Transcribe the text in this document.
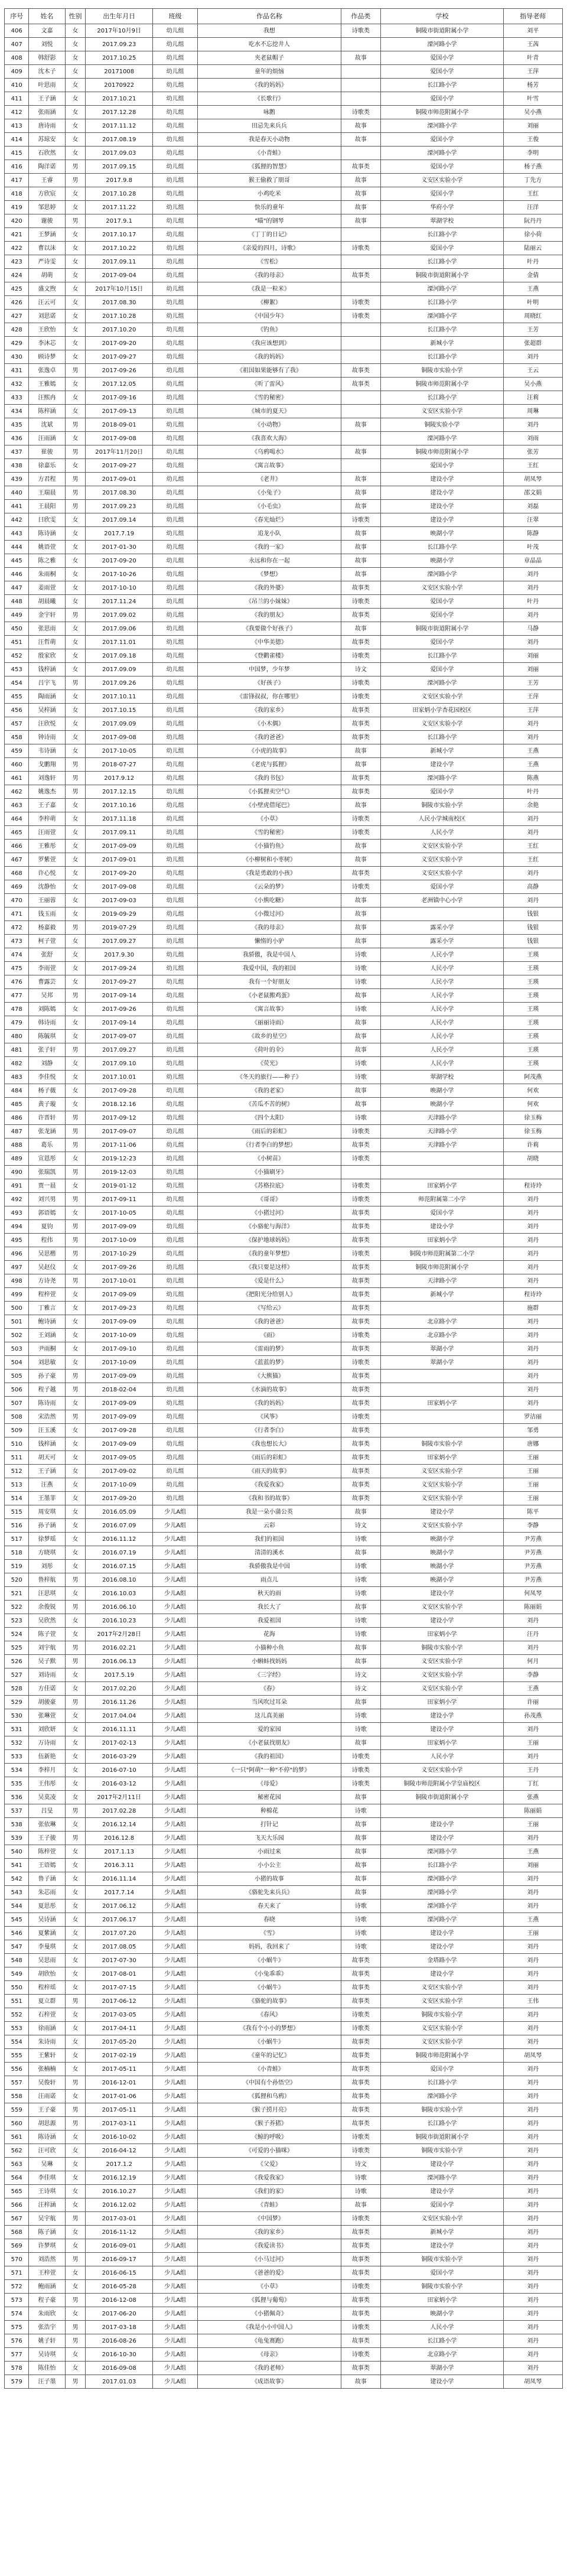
序号	姓名	性别	出生年月日	班级	作品名称	作品类	学校	指导老师
406	文嘉	女	2017年10月9日	幼儿组	我想	诗歌类	铜陵市街道附属小学	刘平
407	刘悦	女	2017.09.23	幼儿组	吃水不忘挖井人		溧河路小学	王茜
408	韩舒影	女	2017.10.25	幼儿组	夹老鼠帽子	故事	爱国小学	叶青
409	沈木子	女	20171008	幼儿组	童年的烦恼		爱国小学	王萍
410	叶思雨	女	20170922	幼儿组	《我的妈妈》		长江路小学	杨芳
411	王子涵	女	2017.10.21	幼儿组	《长歌行》		爱国小学	叶雪
412	张雨涵	女	2017.12.28	幼儿组	咏鹅	诗歌类	铜陵市师范附属小学	吴小燕
413	唐诗雨	女	2017.11.12	幼儿组	田忌先来兵兵	故事	溧河路小学	刘丽
414	苏琼安	女	2017.08.19	幼儿组	我是春天小动物	故事	爱国小学	王俊
415	石欣然	女	2017.09.03	幼儿组	《小青蛙》		溧河路小学	李明
416	陶洋诺	男	2017.09.15	幼儿组	《狐狸的智慧》	故事类	爱国小学	杨子燕
417	王睿	男	2017.9.8	幼儿组	猴王偷救了朋哥	故事	义安区实验小学	丁先方
418	方欣宸	女	2017.10.28	幼儿组	小鸡吃米	故事	爱国小学	王红
419	邹思婷	女	2017.11.22	幼儿组	快乐的童年	故事	华府小学	汪洋
420	谢骏	男	2017.9.1	幼儿组	"瞄"的钢琴	故事	翠湖学校	阮丹丹
421	王梦涵	女	2017.10.17	幼儿组	《丁丁的日记》		长江路小学	徐小荷
422	曹以沫	女	2017.10.22	幼儿组	《亲爱的四月，诗歌》	诗歌类	爱国小学	陆丽云
423	严诗雯	女	2017.09.11	幼儿组	《雪松》		长江路小学	叶丹
424	胡萌	女	2017-09-04	幼儿组	《我的母亲》	故事类	铜陵市街道附属小学	金倩
425	盛文煦	女	2017年10月15日	幼儿组	《我是一粒米》		溧河路小学	王燕
426	汪云可	女	2017.08.30	幼儿组	《柳絮》	诗歌类	长江路小学	叶明
427	刘思诺	女	2017.10.28	幼儿组	《中国少年》	诗歌类	溧河路小学	周晓红
428	王欣怡	女	2017.10.20	幼儿组	《钓鱼》		长江路小学	王芳
429	李沐芯	女	2017-09-20	幼儿组	《我应该想到》		新城小学	张超群
430	顾诗梦	女	2017-09-27	幼儿组	《我的妈妈》		长江路小学	刘丹
431	张逸卓	男	2017-09-26	幼儿组	《祖国如果能够有了我》	故事类	铜陵市实验小学	王云
432	王雅嫣	女	2017.12.05	幼儿组	《听了雷风》	故事类	铜陵市师范附属小学	吴小燕
433	汪熙冉	女	2017-09-16	幼儿组	《雪的秘密》		长江路小学	汪莉
434	陈梓涵	女	2017-09-13	幼儿组	《城市的夏天》		义安区实验小学	周琳
435	沈斌	男	2018-09-01	幼儿组	《小动物》	故事	铜陵实验小学	刘丹
436	汪雨涵	女	2017-09-08	幼儿组	《我喜欢大海》		溧河路小学	刘雨
437	崔骏	男	2017年11月20日	幼儿组	《乌鸦喝水》	故事	铜陵市师范附属小学	张芳
438	徐嘉乐	女	2017-09-27	幼儿组	《寓言故事》		爱国小学	王红
439	方君程	男	2017-09-01	幼儿组	《老井》	故事	建设小学	胡凤琴
440	王瑞晨	男	2017.08.30	幼儿组	《小兔子》	故事	建设小学	邵文娟
441	王晨阳	男	2017.09.23	幼儿组	《小毛虫》	故事	建设小学	刘磊
442	曰欣雯	女	2017.09.14	幼儿组	《春光灿烂》	诗歌类	建设小学	汪翠
443	陈诗涵	女	2017.7.19	幼儿组	追龙小队	故事	映湖小学	陈静
444	姚语萱	女	2017-01-30	幼儿组	《我的一家》	故事	长江路小学	叶茂
445	陈之雅	女	2017-09-20	幼儿组	永远和你在一起	故事	映湖小学	章晶晶
446	朱雨桐	女	2017-10-26	幼儿组	《梦想》	故事	溧河路小学	刘丹
447	姜雨萱	女	2017-10-10	幼儿组	《我的外婆》	故事类	义安区实验小学	刘丹
448	胡晨曦	女	2017.11.24	幼儿组	《吊兰的小妹妹》	诗歌类	爱国小学	叶丹
449	金宇轩	男	2017.09.02	幼儿组	《我的朋友》	故事类	爱国小学	刘丹
450	张思雨	女	2017.09.06	幼儿组	《我要做个好孩子》	故事	铜陵市街道附属小学	马静
451	汪哲萌	女	2017.11.01	幼儿组	《中华美德》	故事类	爱国小学	刘丹
452	殷家欣	女	2017.09.18	幼儿组	《登鹳雀楼》	诗歌类	长江路小学	刘丽
453	钱梓涵	女	2017.09.09	幼儿组	中国梦，少年梦	诗文	爱国小学	刘丽
454	吕宇飞	男	2017.09.26	幼儿组	《好孩子》	诗歌类	溧河路小学	王芳
455	陶雨涵	女	2017.10.11	幼儿组	《雷锋叔叔，你在哪里》	诗歌类	义安区实验小学	王萍
456	吴梓涵	女	2017.10.15	幼儿组	《我的家乡》	故事类	田家炳小学杏花园校区	王萍
457	汪欣悦	女	2017.09.09	幼儿组	《小木偶》	故事类	义安区实验小学	刘丹
458	钟诗雨	女	2017-09-08	幼儿组	《我的爸爸》	故事类	长江路小学	刘丹
459	韦诗涵	女	2017-10-05	幼儿组	《小虎的故事》	故事	新城小学	王燕
460	戈鹏翔	男	2018-07-27	幼儿组	《老虎与狐狸》	故事	建设小学	王燕
461	刘逸轩	男	2017.9.12	幼儿组	《我的书包》	故事类	溧河路小学	陈燕
462	姚逸杰	男	2017.12.15	幼儿组	《小狐狸卖空气》	故事类	爱国小学	叶丹
463	王子嘉	女	2017.10.16	幼儿组	《小壁虎借尾巴》	故事	铜陵市实验小学	余艳
464	李梓萌	女	2017.11.18	幼儿组	《小草》	诗歌类	人民小学城南校区	刘丹
465	汪雨萱	女	2017.09.11	幼儿组	《雪的秘密》	诗歌类	人民小学	刘丹
466	王雅彤	女	2017-09-09	幼儿组	《小猫钓鱼》	故事	义安区实验小学	王红
467	罗紫萱	女	2017-09-01	幼儿组	《小柳树和小枣树》	故事	义安区实验小学	王红
468	许心悦	女	2017-09-20	幼儿组	《我是勇敢的小孩》	故事类	义安区实验小学	刘丹
469	沈静怡	女	2017-09-08	幼儿组	《云朵的梦》	诗歌类	爱国小学	高静
470	王丽蓉	女	2017-09-03	幼儿组	《小熊吃糖》	故事	老洲镇中心小学	刘丹
471	钱玉雨	女	2019-09-29	幼儿组	《小微过河》	故事		钱银
472	杨嘉毅	男	2019-07-29	幼儿组	《我的母亲》	故事	露采小学	钱银
473	柯子萱	女	2017.09.27	幼儿组	懒惰的小驴	故事	露采小学	钱银
474	张舒	女	2017.9.30	幼儿组	我骄傲，我是中国人	诗歌	人民小学	王瑛
475	李雨萱	女	2017-09-24	幼儿组	我爱中国，我的祖国	诗歌	人民小学	王瑛
476	曹露芸	女	2017-09-27	幼儿组	我有一个好朋友	诗歌	人民小学	王瑛
477	吴邦	男	2017-09-14	幼儿组	《小老鼠搬鸡蛋》	故事	人民小学	王瑛
478	刘陈嫣	女	2017-09-26	幼儿组	《寓言故事》	诗歌	人民小学	王瑛
479	韩诗雨	女	2017-09-14	幼儿组	《丽丽诗雨》	故事	人民小学	王瑛
480	陈毓琪	女	2017-09-07	幼儿组	《故乡的星空》	故事	人民小学	王瑛
481	张子轩	男	2017.09.27	幼儿组	《荷叶的伞》	故事	人民小学	王瑛
482	刘静	女	2017.09.10	幼儿组	《荧光》	诗歌	人民小学	王瑛
483	李佳悦	女	2017.10.01	幼儿组	《冬天的旅行——种子》	诗歌	翠湖学校	阿茂燕
484	杨子薇	女	2017-09-28	幼儿组	《我的老家》	故事	映湖小学	何欢
485	黄子璇	女	2018.12.16	幼儿组	《苦瓜不苦的树》	故事	映湖小学	何欢
486	许晋轩	男	2017-09-12	幼儿组	《四个太阳》	诗歌	天津路小学	徐玉梅
487	张龙涵	男	2017-09-07	幼儿组	《雨后的彩虹》	诗歌类	天津路小学	徐玉梅
488	葛乐	男	2017-11-06	幼儿组	《行者李白的梦想》	故事类	天津路小学	许莉
489	宣恩彤	女	2019-12-23	幼儿组	《小树苗》	诗歌类		胡晓
490	张瑞凯	男	2019-12-03	幼儿组	《小猫刷牙》			
491	贾一晨	女	2019-01-12	幼儿组	《苏格拉底》	诗歌类	田家炳小学	程诗玲
492	刘兴男	男	2017-09-11	幼儿组	《哥哥》	诗歌类	师范附属第二小学	刘丹
493	郭语嫣	女	2017-10-05	幼儿组	《小猪过河》	故事类	爱国小学	刘丹
494	夏钧	男	2017-09-09	幼儿组	《小骆驼与海洋》	故事类	建设小学	刘丹
495	程伟	男	2017-10-09	幼儿组	《保护地球妈妈》	故事类	田家炳小学	刘丹
496	吴思楷	男	2017-10-29	幼儿组	《我的童年梦想》	诗歌类	铜陵市师范附属第二小学	刘丹
497	吴赵仪	女	2017-09-26	幼儿组	《我只要是这样》	故事类	铜陵市师范附属小学	刘丹
498	方诗尧	男	2017-10-01	幼儿组	《爱是什么》	故事类	天津路小学	刘丹
499	程梓萱	女	2017-09-09	幼儿组	《把阳光分给别人》	故事类	新城小学	程诗玲
500	丁雅言	女	2017-09-23	幼儿组	《写给云》	故事类		施群
501	鲍诗涵	女	2017-09-09	幼儿组	《我的爸爸》	故事类	北京路小学	刘丹
502	王刘涵	女	2017-10-09	幼儿组	《雨》	诗歌类	北京路小学	刘丹
503	尹雨桐	女	2017-09-10	幼儿组	《雷雨的梦》	故事类	翠湖小学	刘丹
504	刘思敏	女	2017-10-09	幼儿组	《蓝蓝的梦》	诗歌类	翠湖小学	刘丹
505	孙子豪	男	2017-09-09	幼儿组	《大熊猫》	故事类		刘丹
506	程子越	男	2018-02-04	幼儿组	《水滴的故事》	故事类		刘丹
507	陈诗雨	女	2017-09-09	幼儿组	《我的妈妈》	故事类	田家炳小学	刘丹
508	宋浩然	男	2017-09-09	幼儿组	《风筝》	诗歌类		罗洁丽
509	汪玉溪	女	2017-09-28	幼儿组	《行者李白》	故事类		邹勇
510	钱梓涵	女	2017-09-09	幼儿组	《我也想长大》	故事类	铜陵市实验小学	唐娜
511	胡天可	女	2017-09-05	幼儿组	《雨后的彩虹》	故事类	田家炳小学	王丽
512	王子涵	女	2017-09-02	幼儿组	《雨天的故事》	故事类	义安区实验小学	王丽
513	汪燕	女	2017-10-09	幼儿组	《我爱我家》	故事类	义安区实验小学	王丽
514	王墨菲	女	2017-09-20	幼儿组	《我和书的故事》	故事类	义安区实验小学	王丽
515	周安琪	女	2016.05.09	少儿A组	我是一朵小蒲公英	故事	建设小学	陈平
516	孙子涵	女	2016.07.09	少儿A组	云彩	诗文	义安区实验小学	李静
517	徐梦瑶	女	2016.11.12	少儿A组	我们的祖国	诗歌	映湖小学	尹芳燕
518	方晓琪	女	2016.07.19	少儿A组	清清的溪水	故事	映湖小学	尹芳燕
519	刘彤	女	2016.07.15	少儿A组	我骄傲我是中国	诗歌	映湖小学	尹芳燕
520	鲁梓航	男	2016.08.10	少儿A组	雨点儿	诗歌	映湖小学	尹芳燕
521	汪思琪	女	2016.10.03	少儿A组	秋天的雨	诗歌	建设小学	何凤琴
522	余俊锐	男	2016.06.10	少儿A组	我长大了	故事	义安区实验小学	陈丽娟
523	吴欣然	女	2016.10.23	少儿A组	我爱祖国	诗歌	建设小学	刘丹
524	陈子萱	女	2017年2月28日	少儿A组	花海	诗歌	田家炳小学	汪丹
525	刘宇航	男	2016.02.21	少儿A组	小猫种小鱼	故事	铜陵市实验小学	刘丹
526	吴子默	男	2016.06.13	少儿A组	小蝌蚪找妈妈	故事	义安区实验小学	何月
527	刘诗雨	女	2017.5.19	少儿A组	《三字经》	诗文	义安区实验小学	李静
528	方佳诺	女	2017.02.20	少儿A组	《春》	诗文	义安区实验小学	王燕
529	胡骏豪	男	2016.11.26	少儿A组	当风吹过耳朵	故事	田家炳小学	许丽
530	张琳萱	女	2017.04.04	少儿A组	这儿真美丽	诗歌	建设小学	孙茂燕
531	刘欣妍	女	2016.11.11	少儿A组	爱的家园	诗歌	建设小学	刘丹
532	万诗雨	女	2017-02-13	少儿A组	《小老鼠找朋友》	故事	田家炳小学	王丽
533	伍新艳	女	2016-03-29	少儿A组	《我的祖国》	诗歌类	人民小学	刘丹
534	李梓月	女	2016-07-10	少儿A组	《一只"阿萌"一种"不停"的梦》	诗歌类	义安区实验小学	王丹
535	王伟彤	女	2016-03-12	少儿A组	《母爱》	诗歌类	铜陵市师范附属小学皇庙校区	丁红
536	吴莫凌	女	2017年2月11日	少儿A组	秘密花园	故事	铜陵市街道附属小学	张燕
537	吕旻	男	2017.02.28	少儿A组	种棉花	诗歌		陈丽娟
538	张依琳	女	2016.12.14	少儿A组	打针记	故事	建设小学	王丽
539	王子骏	男	2016.12.8	少儿A组	飞天大乐园	故事	建设小学	刘丹
540	陈梓萱	女	2017.1.13	少儿A组	小雨过来	故事	溧河路小学	王燕
541	王语嫣	女	2016.3.11	少儿A组	小小公主	故事	长江路小学	刘丽
542	鲁子涵	女	2016.11.14	少儿A组	小猪的故事	故事	溧河路小学	刘丹
543	朱芯雨	女	2017.7.14	少儿A组	《骆驼先来兵兵》	故事	溧河路小学	刘丹
544	夏思彤	女	2017.06.12	少儿A组	春天来了	诗歌	溧河路小学	刘丹
545	吴诗涵	女	2017.06.17	少儿A组	春晓	诗歌	溧河路小学	王燕
546	夏紫涵	女	2017.07.20	少儿A组	《雪》	诗歌	建设小学	王丽
547	李曼琪	女	2017.08.05	少儿A组	妈妈，我回来了	诗歌	建设小学	刘丹
548	吴思雨	女	2017-07-30	少儿A组	《小蜗牛》	故事类	金塔路小学	刘丹
549	胡欣怡	女	2017-08-01	少儿A组	《小兔乖乖》	故事类	建设小学	刘丹
550	程梓瑶	女	2017-07-15	少儿A组	《小蜗牛》	故事类	义安区实验小学	刘丹
551	夏立群	男	2017-06-12	少儿A组	《骆驼的故事》	故事类	义安区实验小学	王伟
552	石梓萱	女	2017-03-05	少儿A组	《春风》	诗歌类	铜陵市实验小学	刘丹
553	徐雨涵	女	2017-04-11	少儿A组	《我有个小小的梦想》	诗歌类	义安区实验小学	刘丹
554	朱诗雨	女	2017-05-20	少儿A组	《小蜗牛》	故事类	义安区实验小学	刘丹
555	王紫轩	女	2017-02-19	少儿A组	《童年的记忆》	故事类	铜陵市师范附属小学	胡凤琴
556	张楠楠	女	2017-05-11	少儿A组	《小青蛙》	故事类	爱国小学	刘丹
557	吴俊轩	男	2016-12-01	少儿A组	《中国有个孙悟空》	故事类	长江路小学	刘丹
558	汪雨诺	女	2017-01-06	少儿A组	《狐狸和乌鸦》	故事类	溧河路小学	刘丹
559	王子豪	男	2017-05-11	少儿A组	《猴子捞月亮》	故事类	铜陵市实验小学	刘丹
560	胡思源	男	2017-03-11	少儿A组	《猴子养猪》	故事类	长江路小学	刘丹
561	陈诗涵	女	2016-10-02	少儿A组	《鲸的呼吸》	诗歌类	铜陵市街道附属小学	刘丹
562	汪可欣	女	2016-04-12	少儿A组	《可爱的小猫咪》	诗歌类	铜陵市实验小学	刘丹
563	吴琳	女	2017.1.2	少儿A组	《父爱》	诗文	建设小学	刘丹
564	李佳琪	女	2016.12.19	少儿A组	《我爱我家》	诗歌	溧河路小学	刘丹
565	王诗琪	女	2016.10.27	少儿A组	《我们的家》	诗歌	建设小学	刘丹
566	汪梓涵	女	2016.12.02	少儿A组	《青蛙》	故事	爱国小学	刘丹
567	吴宇航	男	2017-03-01	少儿A组	《中国梦》	诗歌类	义安区实验小学	刘丹
568	陈子涵	女	2016-11-12	少儿A组	《我的家乡》	故事类	新城小学	刘丹
569	许梦琪	女	2016-09-01	少儿A组	《我爱读书》	故事类	建设小学	刘丹
570	刘浩然	男	2016-09-17	少儿A组	《小马过河》	故事类	铜陵市实验小学	刘丹
571	王梓萱	女	2016-06-15	少儿A组	《爸爸的爱》	故事类	爱国小学	刘丹
572	鲍雨涵	女	2016-05-28	少儿A组	《小草》	诗歌类	铜陵市实验小学	刘丹
573	程子豪	男	2016-12-08	少儿A组	《狐狸与葡萄》	故事类	田家炳小学	刘丹
574	朱雨欣	女	2017-06-20	少儿A组	《小猪佩奇》	故事类	映湖小学	刘丹
575	张浩宇	男	2017-03-18	少儿A组	《我是小小中国人》	诗歌类	人民小学	刘丹
576	姚子轩	男	2016-08-26	少儿A组	《龟兔赛跑》	故事类	长江路小学	刘丹
577	吴诗琪	女	2016-10-30	少儿A组	《母亲》	诗歌类	北京路小学	刘丹
578	陈佳怡	女	2016-09-08	少儿A组	《我的老师》	故事类	翠湖小学	刘丹
579	汪子墨	男	2017.01.03	少儿A组	《成语故事》	故事	建设小学	胡凤琴
